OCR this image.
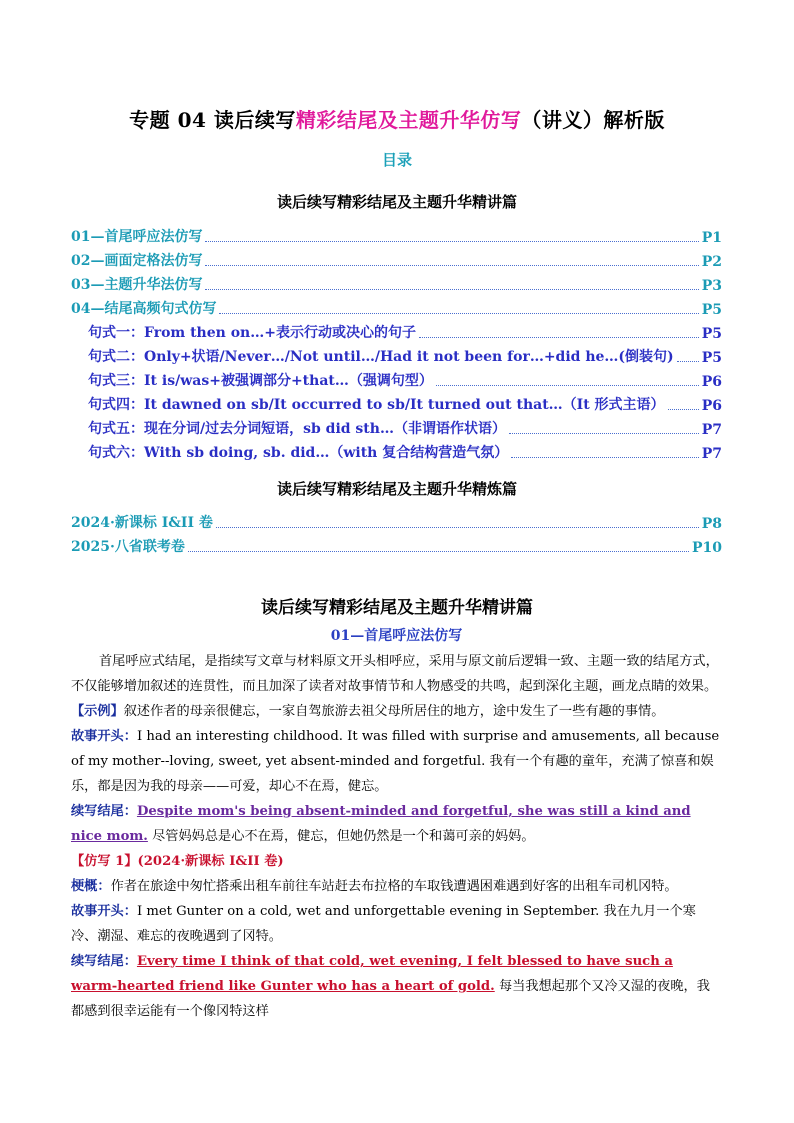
专题 04 读后续写精彩结尾及主题升华仿写（讲义）解析版
目录
读后续写精彩结尾及主题升华精讲篇
01—首尾呼应法仿写	P1
02—画面定格法仿写	P2
03—主题升华法仿写	P3
04—结尾高频句式仿写	P5
句式一：From then on…+表示行动或决心的句子	P5
句式二：Only+状语/Never…/Not until…/Had it not been for…+did he…(倒装句) P5
句式三：It is/was+被强调部分+that…（强调句型）	P6
句式四：It dawned on sb/It occurred to sb/It turned out that…（It 形式主语）	P6
句式五：现在分词/过去分词短语，sb did sth…（非谓语作状语）	P7
句式六：With sb doing, sb. did…（with 复合结构营造气氛）	P7
读后续写精彩结尾及主题升华精炼篇
2024·新课标 I&II 卷	P8
2025·八省联考卷	P10
读后续写精彩结尾及主题升华精讲篇

01—首尾呼应法仿写

首尾呼应式结尾，是指续写文章与材料原文开头相呼应，采用与原文前后逻辑一致、主题一致的结尾方式，不仅能够增加叙述的连贯性，而且加深了读者对故事情节和人物感受的共鸣，起到深化主题，画龙点睛的效果。

【示例】叙述作者的母亲很健忘，一家自驾旅游去祖父母所居住的地方，途中发生了一些有趣的事情。

故事开头：I had an interesting childhood. It was filled with surprise and amusements, all because of my mother--loving, sweet, yet absent-minded and forgetful. 我有一个有趣的童年，充满了惊喜和娱乐，都是因为我的母亲——可爱，却心不在焉，健忘。

续写结尾：Despite mom's being absent-minded and forgetful, she was still a kind and nice mom. 尽管妈妈总是心不在焉，健忘，但她仍然是一个和蔼可亲的妈妈。

【仿写 1】(2024·新课标 I&II 卷)

梗概：作者在旅途中匆忙搭乘出租车前往车站赶去布拉格的车取钱遭遇困难遇到好客的出租车司机冈特。

故事开头：I met Gunter on a cold, wet and unforgettable evening in September. 我在九月一个寒冷、潮湿、难忘的夜晚遇到了冈特。

续写结尾：Every time I think of that cold, wet evening, I felt blessed to have such a warm-hearted friend like Gunter who has a heart of gold. 每当我想起那个又冷又湿的夜晚，我都感到很幸运能有一个像冈特这样
